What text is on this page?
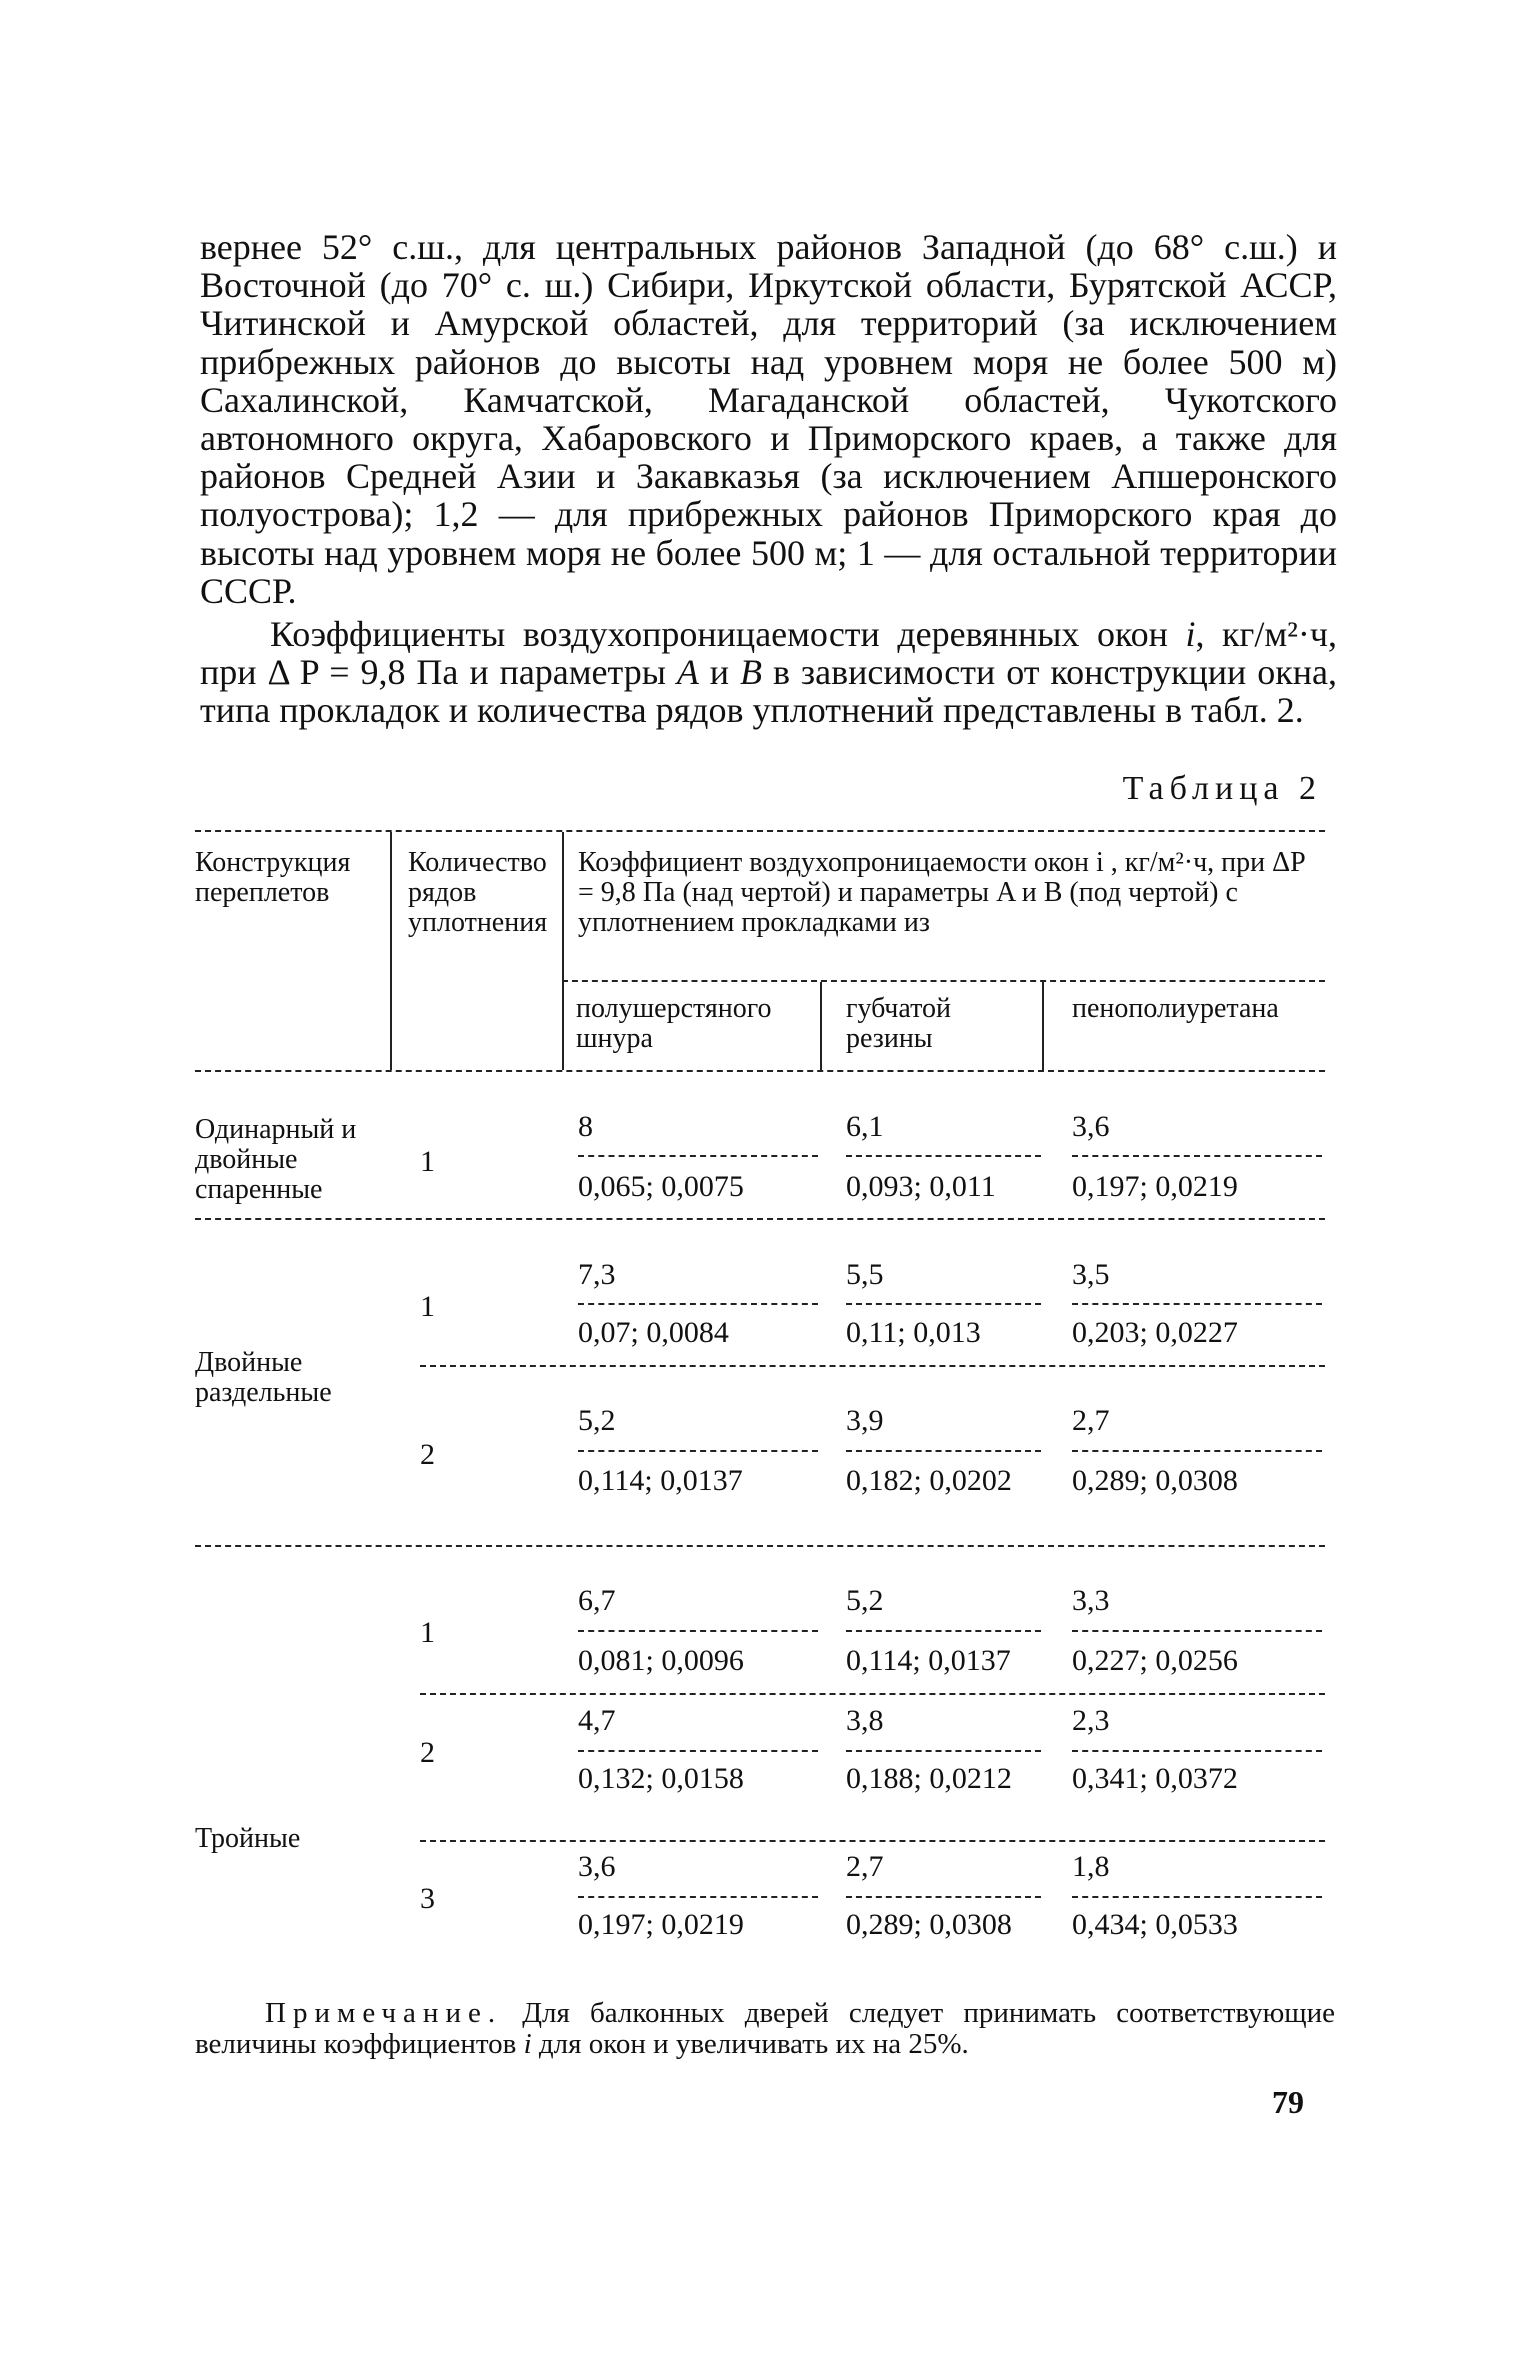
вернее 52° с.ш., для центральных районов Западной (до 68° с.ш.) и Восточной (до 70° с. ш.) Сибири, Иркутской области, Бурятской АССР, Читинской и Амурской областей, для территорий (за исключением прибрежных районов до высоты над уровнем моря не более 500 м) Сахалинской, Камчатской, Магаданской областей, Чукотского автономного округа, Хабаровского и Приморского краев, а также для районов Средней Азии и Закавказья (за исключением Апшеронского полуострова); 1,2 — для прибрежных районов Приморского края до высоты над уровнем моря не более 500 м; 1 — для остальной территории СССР.
Коэффициенты воздухопроницаемости деревянных окон i, кг/м²·ч, при Δ P = 9,8 Па и параметры A и B в зависимости от конструкции окна, типа прокладок и количества рядов уплотнений представлены в табл. 2.
Таблица 2
Конструкция переплетов
Количество рядов уплотнения
Коэффициент воздухопроницаемости окон i , кг/м²·ч, при ΔP = 9,8 Па (над чертой) и параметры A и B (под чертой) с уплотнением прокладками из
полушерстяного шнура
губчатой резины
пенополиуретана
Одинарный и двойные спаренные
1
8
0,065; 0,0075
6,1
0,093; 0,011
3,6
0,197; 0,0219
Двойные раздельные
1
7,3
0,07; 0,0084
5,5
0,11; 0,013
3,5
0,203; 0,0227
2
5,2
0,114; 0,0137
3,9
0,182; 0,0202
2,7
0,289; 0,0308
Тройные
1
6,7
0,081; 0,0096
5,2
0,114; 0,0137
3,3
0,227; 0,0256
2
4,7
0,132; 0,0158
3,8
0,188; 0,0212
2,3
0,341; 0,0372
3
3,6
0,197; 0,0219
2,7
0,289; 0,0308
1,8
0,434; 0,0533
Примечание. Для балконных дверей следует принимать соответствующие величины коэффициентов i для окон и увеличивать их на 25%.
79
